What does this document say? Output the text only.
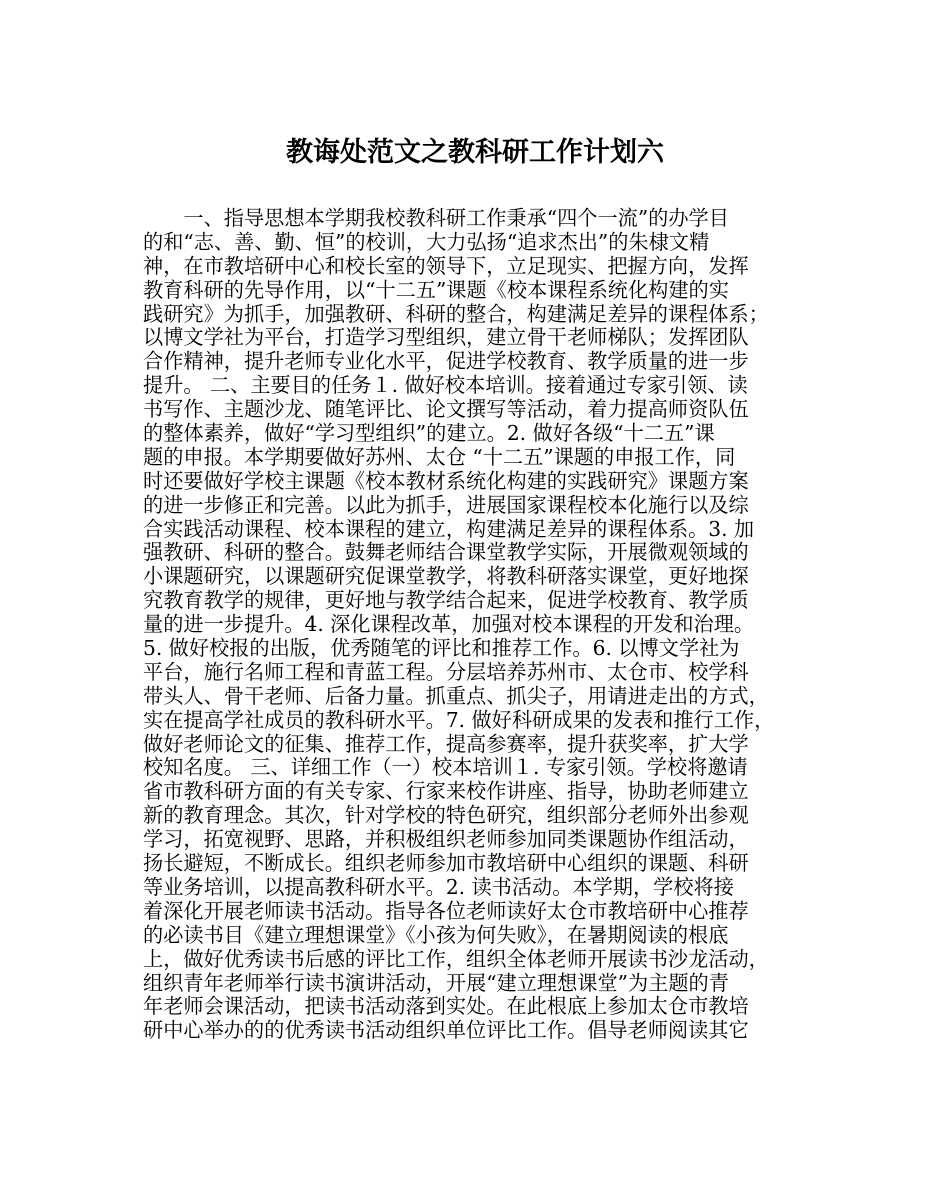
教诲处范文之教科研工作计划六
　　一、指导思想本学期我校教科研工作秉承“四个一流”的办学目
的和“志、善、勤、恒”的校训，大力弘扬“追求杰出”的朱棣文精
神，在市教培研中心和校长室的领导下，立足现实、把握方向，发挥
教育科研的先导作用，以“十二五”课题《校本课程系统化构建的实
践研究》为抓手，加强教研、科研的整合，构建满足差异的课程体系；
以博文学社为平台，打造学习型组织，建立骨干老师梯队；发挥团队
合作精神，提升老师专业化水平，促进学校教育、教学质量的进一步
提升。 二、主要目的任务１. 做好校本培训。接着通过专家引领、读
书写作、主题沙龙、随笔评比、论文撰写等活动，着力提高师资队伍
的整体素养，做好“学习型组织”的建立。2. 做好各级“十二五”课
题的申报。本学期要做好苏州、太仓 “十二五”课题的申报工作，同
时还要做好学校主课题《校本教材系统化构建的实践研究》课题方案
的进一步修正和完善。以此为抓手，进展国家课程校本化施行以及综
合实践活动课程、校本课程的建立，构建满足差异的课程体系。3. 加
强教研、科研的整合。鼓舞老师结合课堂教学实际，开展微观领域的
小课题研究，以课题研究促课堂教学，将教科研落实课堂，更好地探
究教育教学的规律，更好地与教学结合起来，促进学校教育、教学质
量的进一步提升。4. 深化课程改革，加强对校本课程的开发和治理。
5. 做好校报的出版，优秀随笔的评比和推荐工作。6. 以博文学社为
平台，施行名师工程和青蓝工程。分层培养苏州市、太仓市、校学科
带头人、骨干老师、后备力量。抓重点、抓尖子，用请进走出的方式，
实在提高学社成员的教科研水平。7. 做好科研成果的发表和推行工作，
做好老师论文的征集、推荐工作，提高参赛率，提升获奖率，扩大学
校知名度。 三、详细工作（一）校本培训１. 专家引领。学校将邀请
省市教科研方面的有关专家、行家来校作讲座、指导，协助老师建立
新的教育理念。其次，针对学校的特色研究，组织部分老师外出参观
学习，拓宽视野、思路，并积极组织老师参加同类课题协作组活动，
扬长避短，不断成长。组织老师参加市教培研中心组织的课题、科研
等业务培训，以提高教科研水平。2. 读书活动。本学期，学校将接
着深化开展老师读书活动。指导各位老师读好太仓市教培研中心推荐
的必读书目《建立理想课堂》《小孩为何失败》，在暑期阅读的根底
上，做好优秀读书后感的评比工作，组织全体老师开展读书沙龙活动，
组织青年老师举行读书演讲活动，开展“建立理想课堂”为主题的青
年老师会课活动，把读书活动落到实处。在此根底上参加太仓市教培
研中心举办的的优秀读书活动组织单位评比工作。倡导老师阅读其它
